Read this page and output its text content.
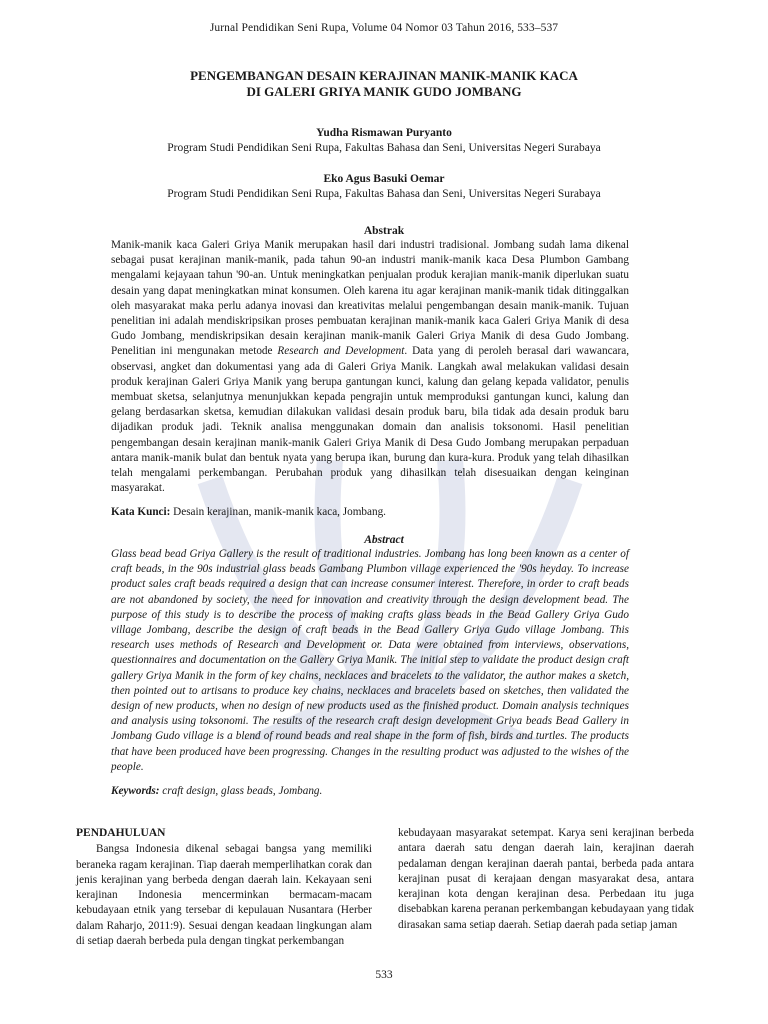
Jurnal Pendidikan Seni Rupa, Volume 04 Nomor 03 Tahun 2016, 533–537
PENGEMBANGAN DESAIN KERAJINAN MANIK-MANIK KACA
DI GALERI GRIYA MANIK GUDO JOMBANG
Yudha Rismawan Puryanto
Program Studi Pendidikan Seni Rupa, Fakultas Bahasa dan Seni, Universitas Negeri Surabaya
Eko Agus Basuki Oemar
Program Studi Pendidikan Seni Rupa, Fakultas Bahasa dan Seni, Universitas Negeri Surabaya
Abstrak
Manik-manik kaca Galeri Griya Manik merupakan hasil dari industri tradisional. Jombang sudah lama dikenal sebagai pusat kerajinan manik-manik, pada tahun 90-an industri manik-manik kaca Desa Plumbon Gambang mengalami kejayaan tahun '90-an. Untuk meningkatkan penjualan produk kerajian manik-manik diperlukan suatu desain yang dapat meningkatkan minat konsumen. Oleh karena itu agar kerajinan manik-manik tidak ditinggalkan oleh masyarakat maka perlu adanya inovasi dan kreativitas melalui pengembangan desain manik-manik. Tujuan penelitian ini adalah mendiskripsikan proses pembuatan kerajinan manik-manik kaca Galeri Griya Manik di desa Gudo Jombang, mendiskripsikan desain kerajinan manik-manik Galeri Griya Manik di desa Gudo Jombang. Penelitian ini mengunakan metode Research and Development. Data yang di peroleh berasal dari wawancara, observasi, angket dan dokumentasi yang ada di Galeri Griya Manik. Langkah awal melakukan validasi desain produk kerajinan Galeri Griya Manik yang berupa gantungan kunci, kalung dan gelang kepada validator, penulis membuat sketsa, selanjutnya menunjukkan kepada pengrajin untuk memproduksi gantungan kunci, kalung dan gelang berdasarkan sketsa, kemudian dilakukan validasi desain produk baru, bila tidak ada desain produk baru dijadikan produk jadi. Teknik analisa menggunakan domain dan analisis toksonomi. Hasil penelitian pengembangan desain kerajinan manik-manik Galeri Griya Manik di Desa Gudo Jombang merupakan perpaduan antara manik-manik bulat dan bentuk nyata yang berupa ikan, burung dan kura-kura. Produk yang telah dihasilkan telah mengalami perkembangan. Perubahan produk yang dihasilkan telah disesuaikan dengan keinginan masyarakat.
Kata Kunci: Desain kerajinan, manik-manik kaca, Jombang.
Abstract
Glass bead bead Griya Gallery is the result of traditional industries. Jombang has long been known as a center of craft beads, in the 90s industrial glass beads Gambang Plumbon village experienced the '90s heyday. To increase product sales craft beads required a design that can increase consumer interest. Therefore, in order to craft beads are not abandoned by society, the need for innovation and creativity through the design development bead. The purpose of this study is to describe the process of making crafts glass beads in the Bead Gallery Griya Gudo village Jombang, describe the design of craft beads in the Bead Gallery Griya Gudo village Jombang. This research uses methods of Research and Development or. Data were obtained from interviews, observations, questionnaires and documentation on the Gallery Griya Manik. The initial step to validate the product design craft gallery Griya Manik in the form of key chains, necklaces and bracelets to the validator, the author makes a sketch, then pointed out to artisans to produce key chains, necklaces and bracelets based on sketches, then validated the design of new products, when no design of new products used as the finished product. Domain analysis techniques and analysis using toksonomi. The results of the research craft design development Griya beads Bead Gallery in Jombang Gudo village is a blend of round beads and real shape in the form of fish, birds and turtles. The products that have been produced have been progressing. Changes in the resulting product was adjusted to the wishes of the people.
Keywords: craft design, glass beads, Jombang.
PENDAHULUAN

Bangsa Indonesia dikenal sebagai bangsa yang memiliki beraneka ragam kerajinan. Tiap daerah memperlihatkan corak dan jenis kerajinan yang berbeda dengan daerah lain. Kekayaan seni kerajinan Indonesia mencerminkan bermacam-macam kebudayaan etnik yang tersebar di kepulauan Nusantara (Herber dalam Raharjo, 2011:9). Sesuai dengan keadaan lingkungan alam di setiap daerah berbeda pula dengan tingkat perkembangan

kebudayaan masyarakat setempat. Karya seni kerajinan berbeda antara daerah satu dengan daerah lain, kerajinan daerah pedalaman dengan kerajinan daerah pantai, berbeda pada antara kerajinan pusat di kerajaan dengan masyarakat desa, antara kerajinan kota dengan kerajinan desa. Perbedaan itu juga disebabkan karena peranan perkembangan kebudayaan yang tidak dirasakan sama setiap daerah. Setiap daerah pada setiap jaman

533
